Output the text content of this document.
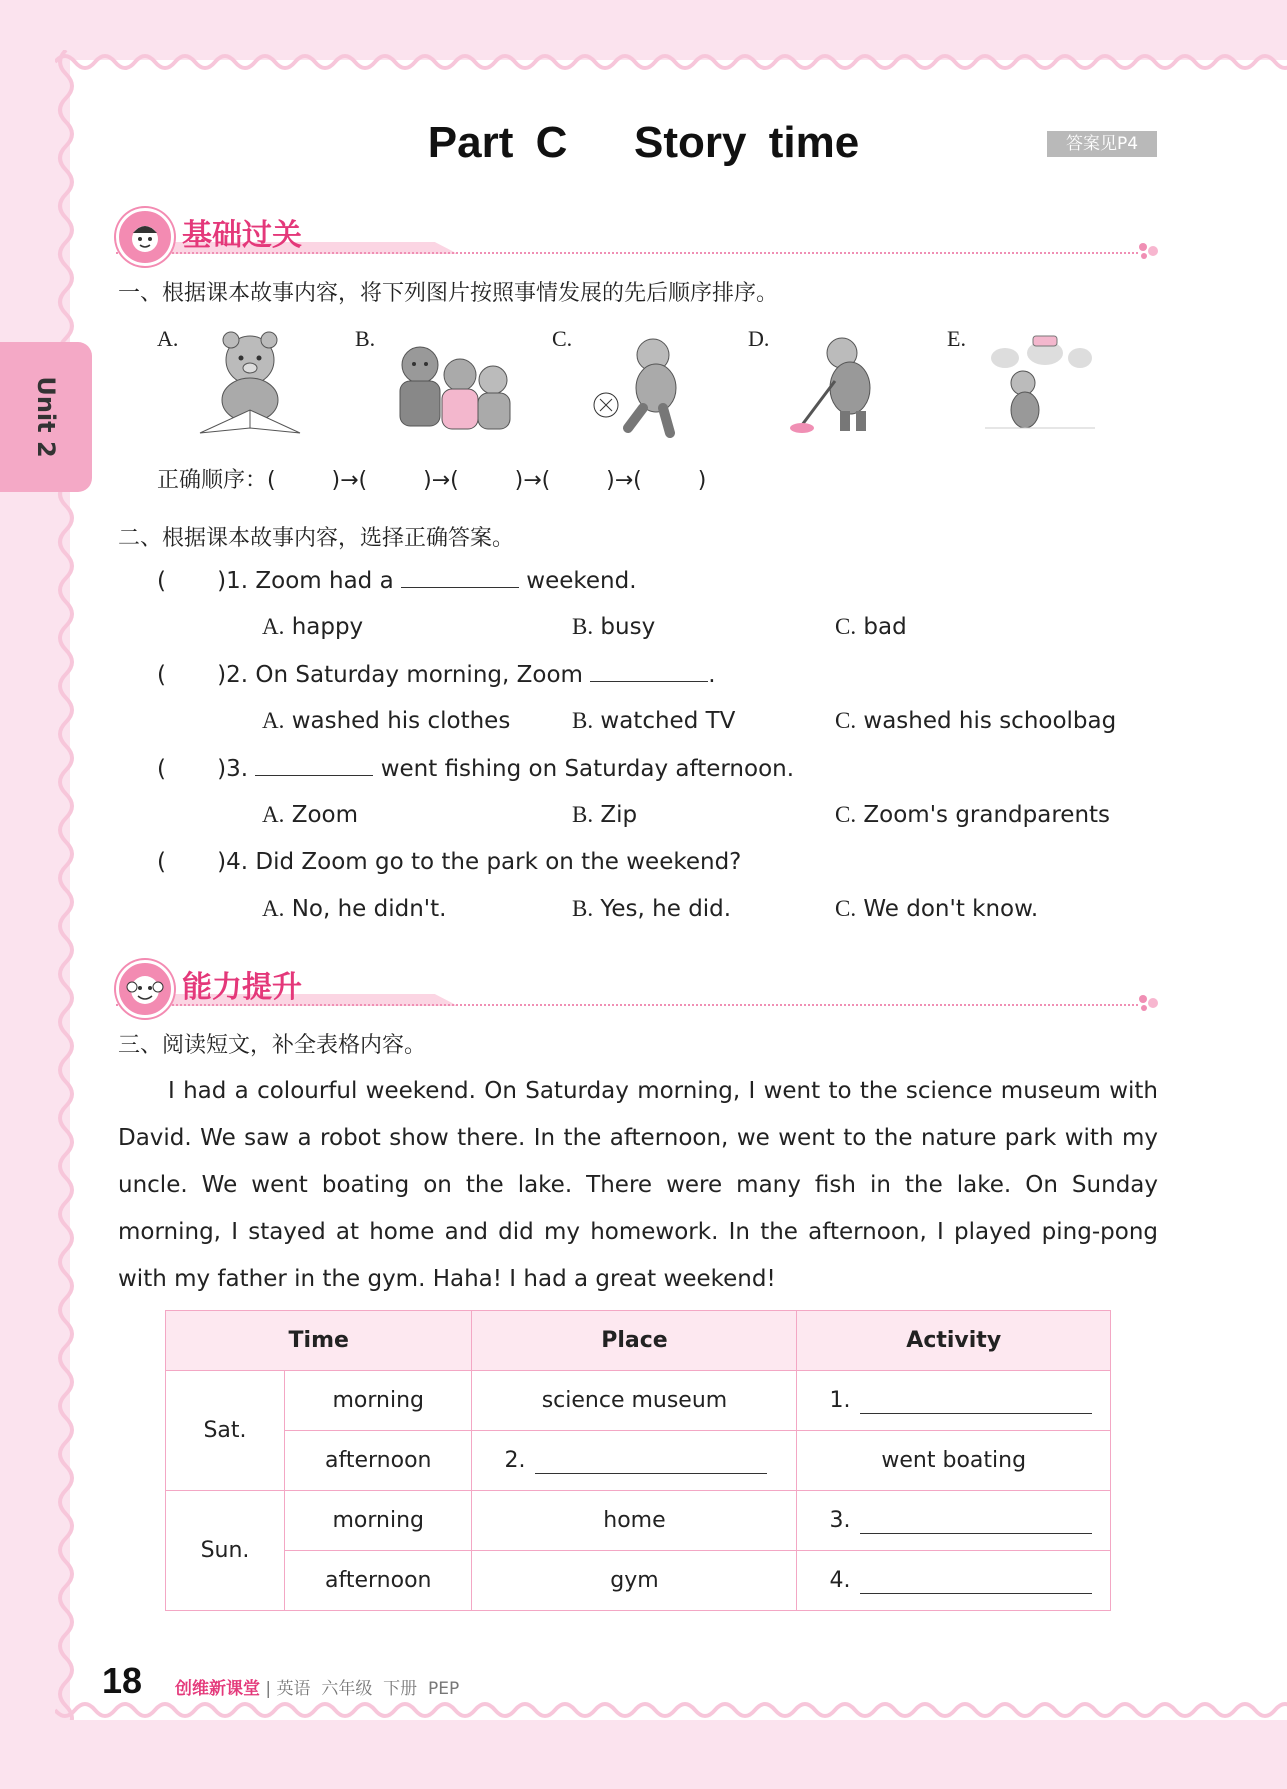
Unit 2
Part C   Story time	答案见P4
基础过关
一、根据课本故事内容，将下列图片按照事情发展的先后顺序排序。
A.	B.	C.	D.	E.
正确顺序：(        )→(        )→(        )→(        )→(        )
二、根据课本故事内容，选择正确答案。
(       )1. Zoom had a	weekend.
A. happy	B. busy	C. bad
(       )2. On Saturday morning, Zoom	.
A. washed his clothes	B. watched TV	C. washed his schoolbag
(       )3.	went fishing on Saturday afternoon.
A. Zoom	B. Zip	C. Zoom's grandparents
(       )4. Did Zoom go to the park on the weekend?
A. No, he didn't.	B. Yes, he did.	C. We don't know.
能力提升
三、阅读短文，补全表格内容。

I had a colourful weekend. On Saturday morning, I went to the science museum with David. We saw a robot show there. In the afternoon, we went to the nature park with my uncle. We went boating on the lake. There were many fish in the lake. On Sunday morning, I stayed at home and did my homework. In the afternoon, I played ping-pong with my father in the gym. Haha! I had a great weekend!

Time		Place	Activity
Sat.	morning	science museum	1.
	afternoon	2.	went boating
Sun.	morning	home	3.
	afternoon	gym	4.
18 创维新课堂 | 英语  六年级  下册  PEP
